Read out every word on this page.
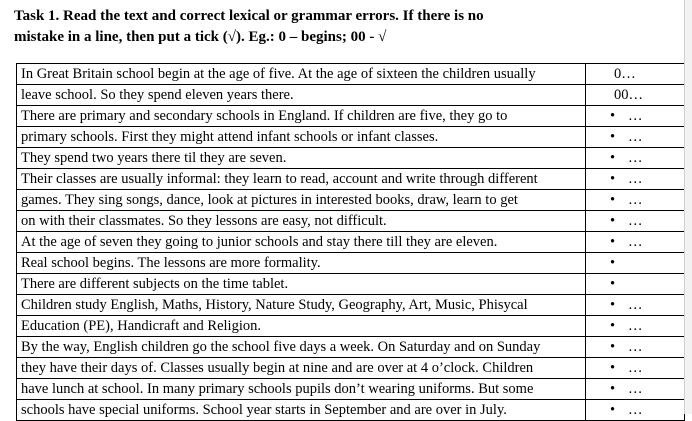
Task 1. Read the text and correct lexical or grammar errors. If there is no
mistake in a line, then put a tick (√). Eg.: 0 – begins; 00 - √
In Great Britain school begin at the age of five. At the age of sixteen the children usually	0…
leave school. So they spend eleven years there.	00…
There are primary and secondary schools in England. If children are five, they go to	• …
primary schools. First they might attend infant schools or infant classes.	• …
They spend two years there til they are seven.	• …
Their classes are usually informal: they learn to read, account and write through different	• …
games. They sing songs, dance, look at pictures in interested books, draw, learn to get	• …
on with their classmates. So they lessons are easy, not difficult.	• …
At the age of seven they going to junior schools and stay there till they are eleven.	• …
Real school begins. The lessons are more formality.	•
There are different subjects on the time tablet.	•
Children study English, Maths, History, Nature Study, Geography, Art, Music, Phisycal	• …
Education (PE), Handicraft and Religion.	• …
By the way, English children go the school five days a week. On Saturday and on Sunday	• …
they have their days of. Classes usually begin at nine and are over at 4 o’clock. Children	• …
have lunch at school. In many primary schools pupils don’t wearing uniforms. But some	• …
schools have special uniforms. School year starts in September and are over in July.	• …
